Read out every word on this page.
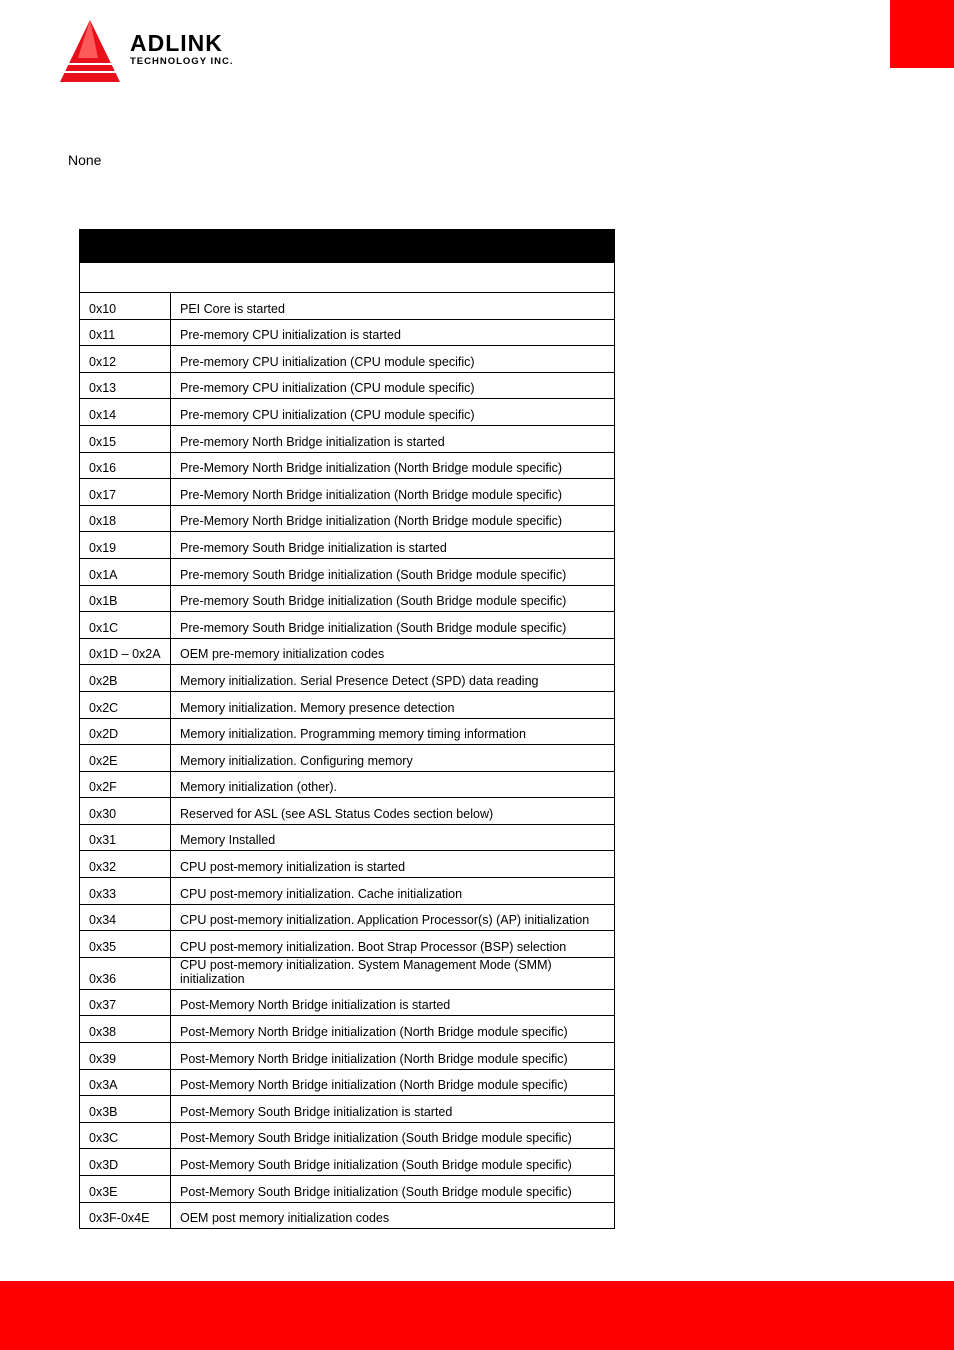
ADLINK
TECHNOLOGY INC.
None

0x10	PEI Core is started
0x11	Pre-memory CPU initialization is started
0x12	Pre-memory CPU initialization (CPU module specific)
0x13	Pre-memory CPU initialization (CPU module specific)
0x14	Pre-memory CPU initialization (CPU module specific)
0x15	Pre-memory North Bridge initialization is started
0x16	Pre-Memory North Bridge initialization (North Bridge module specific)
0x17	Pre-Memory North Bridge initialization (North Bridge module specific)
0x18	Pre-Memory North Bridge initialization (North Bridge module specific)
0x19	Pre-memory South Bridge initialization is started
0x1A	Pre-memory South Bridge initialization (South Bridge module specific)
0x1B	Pre-memory South Bridge initialization (South Bridge module specific)
0x1C	Pre-memory South Bridge initialization (South Bridge module specific)
0x1D – 0x2A	OEM pre-memory initialization codes
0x2B	Memory initialization. Serial Presence Detect (SPD) data reading
0x2C	Memory initialization. Memory presence detection
0x2D	Memory initialization. Programming memory timing information
0x2E	Memory initialization. Configuring memory
0x2F	Memory initialization (other).
0x30	Reserved for ASL (see ASL Status Codes section below)
0x31	Memory Installed
0x32	CPU post-memory initialization is started
0x33	CPU post-memory initialization. Cache initialization
0x34	CPU post-memory initialization. Application Processor(s) (AP) initialization
0x35	CPU post-memory initialization. Boot Strap Processor (BSP) selection
0x36	CPU post-memory initialization. System Management Mode (SMM) initialization
0x37	Post-Memory North Bridge initialization is started
0x38	Post-Memory North Bridge initialization (North Bridge module specific)
0x39	Post-Memory North Bridge initialization (North Bridge module specific)
0x3A	Post-Memory North Bridge initialization (North Bridge module specific)
0x3B	Post-Memory South Bridge initialization is started
0x3C	Post-Memory South Bridge initialization (South Bridge module specific)
0x3D	Post-Memory South Bridge initialization (South Bridge module specific)
0x3E	Post-Memory South Bridge initialization (South Bridge module specific)
0x3F-0x4E	OEM post memory initialization codes
